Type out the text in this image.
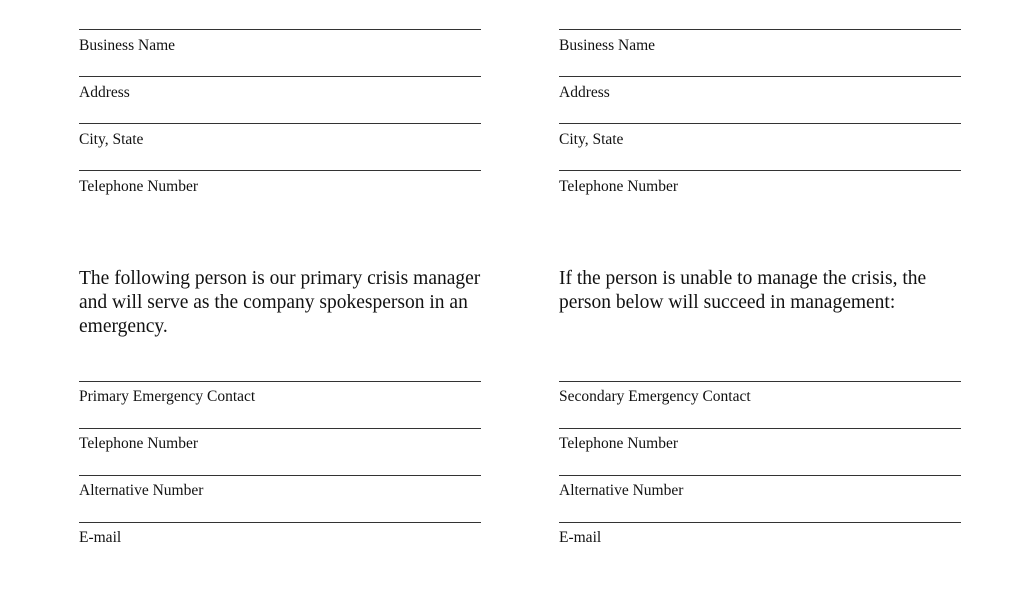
Business Name
Address
City, State
Telephone Number
The following person is our primary crisis manager and will serve as the company spokesperson in an emergency.
Primary Emergency Contact
Telephone Number
Alternative Number
E-mail
Business Name
Address
City, State
Telephone Number
If the person is unable to manage the crisis, the person below will succeed in management:
Secondary Emergency Contact
Telephone Number
Alternative Number
E-mail
